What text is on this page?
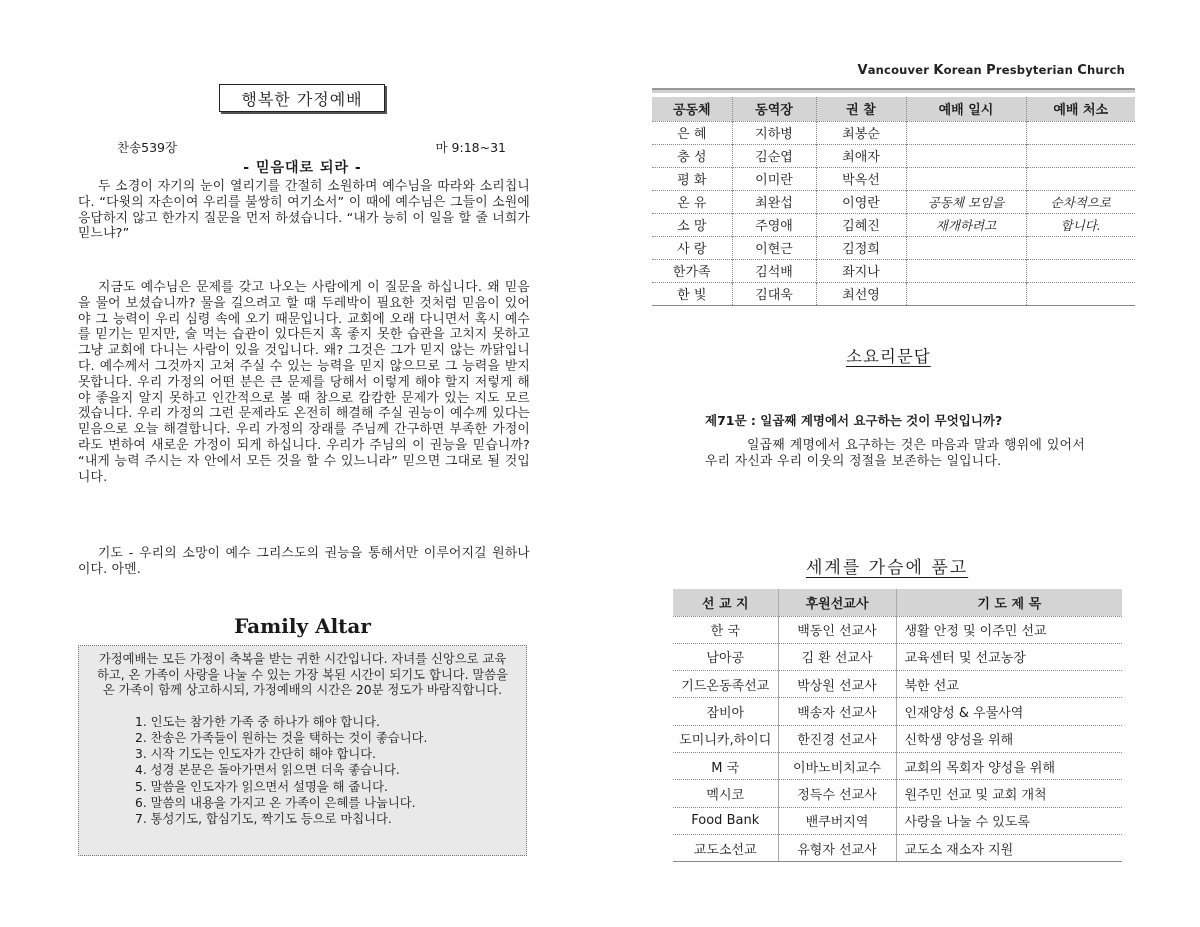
행복한 가정예배
찬송539장	마 9:18~31
- 믿음대로 되라 -

두 소경이 자기의 눈이 열리기를 간절히 소원하며 예수님을 따라와 소리칩니다. “다윗의 자손이여 우리를 불쌍히 여기소서” 이 때에 예수님은 그들이 소원에 응답하지 않고 한가지 질문을 먼저 하셨습니다. “내가 능히 이 일을 할 줄 너희가 믿느냐?”

지금도 예수님은 문제를 갖고 나오는 사람에게 이 질문을 하십니다. 왜 믿음을 물어 보셨습니까? 물을 길으려고 할 때 두레박이 필요한 것처럼 믿음이 있어야 그 능력이 우리 심령 속에 오기 때문입니다. 교회에 오래 다니면서 혹시 예수를 믿기는 믿지만, 술 먹는 습관이 있다든지 혹 좋지 못한 습관을 고치지 못하고 그냥 교회에 다니는 사람이 있을 것입니다. 왜? 그것은 그가 믿지 않는 까닭입니다. 예수께서 그것까지 고쳐 주실 수 있는 능력을 믿지 않으므로 그 능력을 받지 못합니다. 우리 가정의 어떤 분은 큰 문제를 당해서 이렇게 해야 할지 저렇게 해야 좋을지 알지 못하고 인간적으로 볼 때 참으로 캄캄한 문제가 있는 지도 모르겠습니다. 우리 가정의 그런 문제라도 온전히 해결해 주실 권능이 예수께 있다는 믿음으로 오늘 해결합니다. 우리 가정의 장래를 주님께 간구하면 부족한 가정이라도 변하여 새로운 가정이 되게 하십니다. 우리가 주님의 이 권능을 믿습니까? “내게 능력 주시는 자 안에서 모든 것을 할 수 있느니라” 믿으면 그대로 될 것입니다.

기도 - 우리의 소망이 예수 그리스도의 권능을 통해서만 이루어지길 원하나이다. 아멘.

Family Altar

가정예배는 모든 가정이 축복을 받는 귀한 시간입니다. 자녀를 신앙으로 교육 하고, 온 가족이 사랑을 나눌 수 있는 가장 복된 시간이 되기도 합니다. 말씀을 온 가족이 함께 상고하시되, 가정예배의 시간은 20분 정도가 바람직합니다.

1. 인도는 참가한 가족 중 하나가 해야 합니다.
2. 찬송은 가족들이 원하는 것을 택하는 것이 좋습니다.
3. 시작 기도는 인도자가 간단히 해야 합니다.
4. 성경 본문은 돌아가면서 읽으면 더욱 좋습니다.
5. 말씀을 인도자가 읽으면서 설명을 해 줍니다.
6. 말씀의 내용을 가지고 온 가족이 은혜를 나눕니다.
7. 통성기도, 합심기도, 짝기도 등으로 마칩니다.
Vancouver Korean Presbyterian Church
공동체	동역장	권 찰	예배 일시	예배 처소
은 혜	지하병	최봉순		
충 성	김순엽	최애자		
평 화	이미란	박옥선		
온 유	최완섭	이영란	공동체 모임을	순차적으로
소 망	주영애	김혜진	재개하려고	합니다.
사 랑	이현근	김정희		
한가족	김석배	좌지나		
한 빛	김대욱	최선영		
소요리문답
제71문 : 일곱째 계명에서 요구하는 것이 무엇입니까?

일곱째 계명에서 요구하는 것은 마음과 말과 행위에 있어서 우리 자신과 우리 이웃의 정절을 보존하는 일입니다.

세계를 가슴에 품고
선 교 지	후원선교사	기 도 제 목
한 국	백동인 선교사	생활 안정 및 이주민 선교
남아공	김 환 선교사	교육센터 및 선교농장
기드온동족선교	박상원 선교사	북한 선교
잠비아	백송자 선교사	인재양성 & 우물사역
도미니카,하이디	한진경 선교사	신학생 양성을 위해
M 국	이바노비치교수	교회의 목회자 양성을 위해
멕시코	정득수 선교사	원주민 선교 및 교회 개척
Food Bank	밴쿠버지역	사랑을 나눌 수 있도록
교도소선교	유형자 선교사	교도소 재소자 지원
